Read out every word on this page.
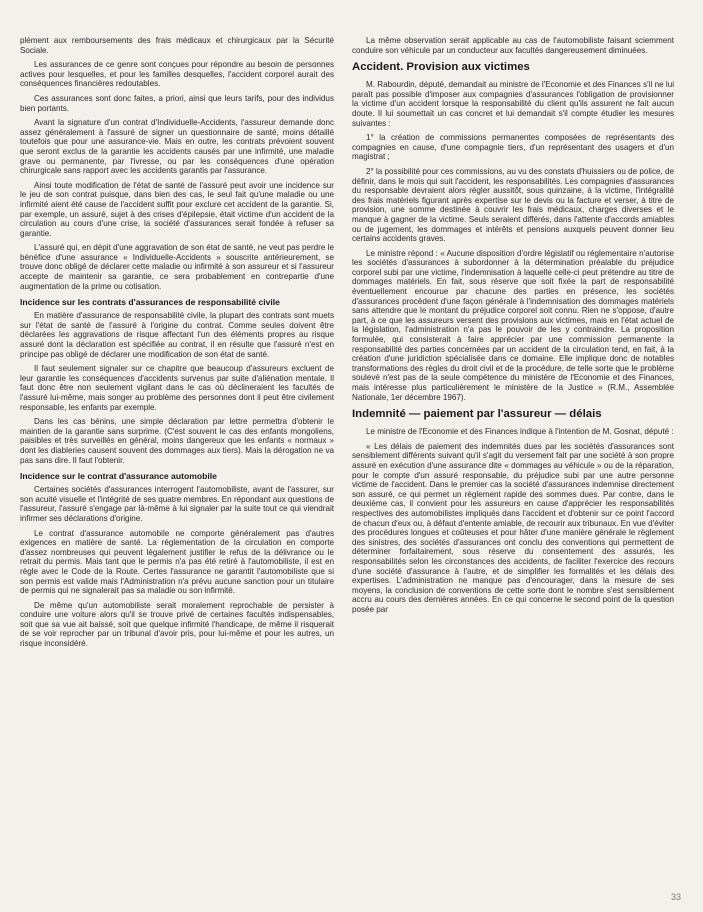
plément aux remboursements des frais médicaux et chirurgicaux par la Sécurité Sociale.

Les assurances de ce genre sont conçues pour répondre au besoin de personnes actives pour lesquelles, et pour les familles desquelles, l'accident corporel aurait des conséquences financières redoutables.

Ces assurances sont donc faites, a priori, ainsi que leurs tarifs, pour des individus bien portants.

Avant la signature d'un contrat d'Individuelle-Accidents, l'assureur demande donc assez généralement à l'assuré de signer un questionnaire de santé, moins détaillé toutefois que pour une assurance-vie. Mais en outre, les contrats prévoient souvent que seront exclus de la garantie les accidents causés par une infirmité, une maladie grave ou permanente, par l'ivresse, ou par les conséquences d'une opération chirurgicale sans rapport avec les accidents garantis par l'assurance.

Ainsi toute modification de l'état de santé de l'assuré peut avoir une incidence sur le jeu de son contrat puisque, dans bien des cas, le seul fait qu'une maladie ou une infirmité aient été cause de l'accident suffit pour exclure cet accident de la garantie. Si, par exemple, un assuré, sujet à des crises d'épilepsie, était victime d'un accident de la circulation au cours d'une crise, la société d'assurances serait fondée à refuser sa garantie.

L'assuré qui, en dépit d'une aggravation de son état de santé, ne veut pas perdre le bénéfice d'une assurance « Individuelle-Accidents » souscrite antérieurement, se trouve donc obligé de déclarer cette maladie ou infirmité à son assureur et si l'assureur accepte de maintenir sa garantie, ce sera probablement en contrepartie d'une augmentation de la prime ou cotisation.

Incidence sur les contrats d'assurances de responsabilité civile

En matière d'assurance de responsabilité civile, la plupart des contrats sont muets sur l'état de santé de l'assuré à l'origine du contrat. Comme seules doivent être déclarées les aggravations de risque affectant l'un des éléments propres au risque assuré dont la déclaration est spécifiée au contrat, il en résulte que l'assuré n'est en principe pas obligé de déclarer une modification de son état de santé.

Il faut seulement signaler sur ce chapitre que beaucoup d'assureurs excluent de leur garantie les conséquences d'accidents survenus par suite d'aliénation mentale. Il faut donc être non seulement vigilant dans le cas où déclineraient les facultés de l'assuré lui-même, mais songer au problème des personnes dont il peut être civilement responsable, les enfants par exemple.

Dans les cas bénins, une simple déclaration par lettre permettra d'obtenir le maintien de la garantie sans surprime. (C'est souvent le cas des enfants mongoliens, paisibles et très surveillés en général, moins dangereux que les enfants « normaux » dont les diableries causent souvent des dommages aux tiers). Mais la dérogation ne va pas sans dire. Il faut l'obtenir.

Incidence sur le contrat d'assurance automobile

Certaines sociétés d'assurances interrogent l'automobiliste, avant de l'assurer, sur son acuité visuelle et l'intégrité de ses quatre membres. En répondant aux questions de l'assureur, l'assuré s'engage par là-même à lui signaler par la suite tout ce qui viendrait infirmer ses déclarations d'origine.

Le contrat d'assurance automobile ne comporte généralement pas d'autres exigences en matière de santé. La réglementation de la circulation en comporte d'assez nombreuses qui peuvent légalement justifier le refus de la délivrance ou le retrait du permis. Mais tant que le permis n'a pas été retiré à l'automobiliste, il est en règle avec le Code de la Route. Certes l'assurance ne garantit l'automobiliste que si son permis est valide mais l'Administration n'a prévu aucune sanction pour un titulaire de permis qui ne signalerait pas sa maladie ou son infirmité.

De même qu'un automobiliste serait moralement reprochable de persister à conduire une voiture alors qu'il se trouve privé de certaines facultés indispensables, soit que sa vue ait baissé, soit que quelque infirmité l'handicape, de même il risquerait de se voir reprocher par un tribunal d'avoir pris, pour lui-même et pour les autres, un risque inconsidéré.

La même observation serait applicable au cas de l'automobiliste faisant sciemment conduire son véhicule par un conducteur aux facultés dangereusement diminuées.

Accident. Provision aux victimes

M. Rabourdin, député, demandait au ministre de l'Economie et des Finances s'il ne lui paraît pas possible d'imposer aux compagnies d'assurances l'obligation de provisionner la victime d'un accident lorsque la responsabilité du client qu'ils assurent ne fait aucun doute. Il lui soumettait un cas concret et lui demandait s'il compte étudier les mesures suivantes :

1° la création de commissions permanentes composées de représentants des compagnies en cause, d'une compagnie tiers, d'un représentant des usagers et d'un magistrat ;

2° la possibilité pour ces commissions, au vu des constats d'huissiers ou de police, de définir, dans le mois qui suit l'accident, les responsabilités. Les compagnies d'assurances du responsable devraient alors régler aussitôt, sous quinzaine, à la victime, l'intégralité des frais matériels figurant après expertise sur le devis ou la facture et verser, à titre de provision, une somme destinée à couvrir les frais médicaux, charges diverses et le manque à gagner de la victime. Seuls seraient différés, dans l'attente d'accords amiables ou de jugement, les dommages et intérêts et pensions auxquels peuvent donner lieu certains accidents graves.

Le ministre répond : « Aucune disposition d'ordre législatif ou réglementaire n'autorise les sociétés d'assurances à subordonner à la détermination préalable du préjudice corporel subi par une victime, l'indemnisation à laquelle celle-ci peut prétendre au titre de dommages matériels. En fait, sous réserve que soit fixée la part de responsabilité éventuellement encourue par chacune des parties en présence, les sociétés d'assurances procèdent d'une façon générale à l'indemnisation des dommages matériels sans attendre que le montant du préjudice corporel soit connu. Rien ne s'oppose, d'autre part, à ce que les assureurs versent des provisions aux victimes, mais en l'état actuel de la législation, l'administration n'a pas le pouvoir de les y contraindre. La proposition formulée, qui consisterait à faire apprécier par une commission permanente la responsabilité des parties concernées par un accident de la circulation tend, en fait, à la création d'une juridiction spécialisée dans ce domaine. Elle implique donc de notables transformations des règles du droit civil et de la procédure, de telle sorte que le problème soulevé n'est pas de la seule compétence du ministère de l'Economie et des Finances, mais intéresse plus particulièrement le ministère de la Justice » (R.M., Assemblée Nationale, 1er décembre 1967).

Indemnité — paiement par l'assureur — délais

Le ministre de l'Economie et des Finances indique à l'intention de M. Gosnat, député :

« Les délais de paiement des indemnités dues par les sociétés d'assurances sont sensiblement différents suivant qu'il s'agit du versement fait par une société à son propre assuré en exécution d'une assurance dite « dommages au véhicule » ou de la réparation, pour le compte d'un assuré responsable, du préjudice subi par une autre personne victime de l'accident. Dans le premier cas la société d'assurances indemnise directement son assuré, ce qui permet un règlement rapide des sommes dues. Par contre, dans le deuxième cas, il convient pour les assureurs en cause d'apprécier les responsabilités respectives des automobilistes impliqués dans l'accident et d'obtenir sur ce point l'accord de chacun d'eux ou, à défaut d'entente amiable, de recourir aux tribunaux. En vue d'éviter des procédures longues et coûteuses et pour hâter d'une manière générale le règlement des sinistres, des sociétés d'assurances ont conclu des conventions qui permettent de déterminer forfaitairement, sous réserve du consentement des assurés, les responsabilités selon les circonstances des accidents, de faciliter l'exercice des recours d'une société d'assurance à l'autre, et de simplifier les formalités et les délais des expertises. L'administration ne manque pas d'encourager, dans la mesure de ses moyens, la conclusion de conventions de cette sorte dont le nombre s'est sensiblement accru au cours des dernières années. En ce qui concerne le second point de la question posée par

33
